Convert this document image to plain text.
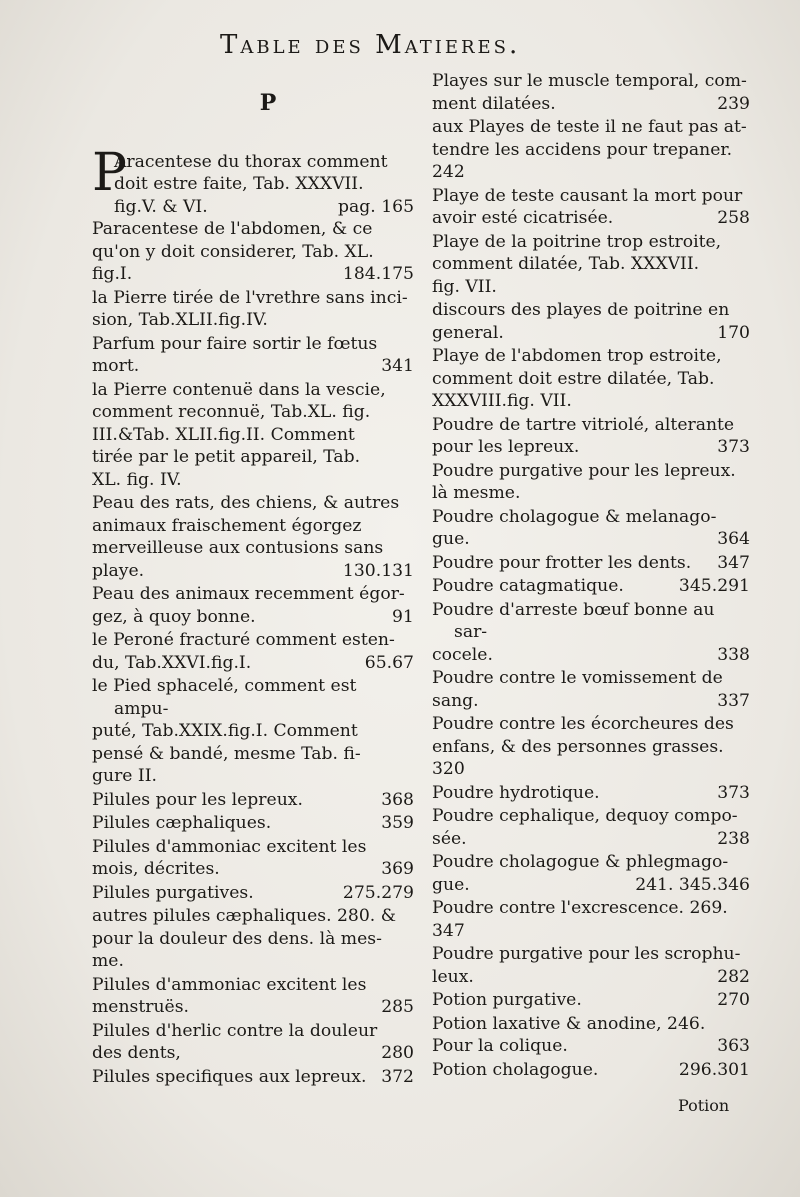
Table des Matieres.
P
P
Aracentese du thorax comment
doit estre faite, Tab. XXXVII.
fig.V. & VI.	pag. 165
Paracentese de l'abdomen, & ce
qu'on y doit considerer, Tab. XL.
fig.I.	184.175
la Pierre tirée de l'vrethre sans inci-
sion, Tab.XLII.fig.IV.
Parfum pour faire sortir le fœtus
mort.	341
la Pierre contenuë dans la vescie,
comment reconnuë, Tab.XL. fig.
III.&Tab. XLII.fig.II. Comment
tirée par le petit appareil, Tab.
XL. fig. IV.
Peau des rats, des chiens, & autres
animaux fraischement égorgez
merveilleuse aux contusions sans
playe.	130.131
Peau des animaux recemment égor-
gez, à quoy bonne.	91
le Peroné fracturé comment esten-
du, Tab.XXVI.fig.I.	65.67
le Pied sphacelé, comment est ampu-
puté, Tab.XXIX.fig.I. Comment
pensé & bandé, mesme Tab. fi-
gure II.
Pilules pour les lepreux.	368
Pilules cæphaliques.	359
Pilules d'ammoniac excitent les
mois, décrites.	369
Pilules purgatives.	275.279
autres pilules cæphaliques. 280. &
pour la douleur des dens. là mes-
me.
Pilules d'ammoniac excitent les
menstruës.	285
Pilules d'herlic contre la douleur
des dents,	280
Pilules specifiques aux lepreux. 372
Playes sur le muscle temporal, com-
ment dilatées.	239
aux Playes de teste il ne faut pas at-
tendre les accidens pour trepaner.
242
Playe de teste causant la mort pour
avoir esté cicatrisée.	258
Playe de la poitrine trop estroite,
comment dilatée, Tab. XXXVII.
fig. VII.
discours des playes de poitrine en
general.	170
Playe de l'abdomen trop estroite,
comment doit estre dilatée, Tab.
XXXVIII.fig. VII.
Poudre de tartre vitriolé, alterante
pour les lepreux.	373
Poudre purgative pour les lepreux.
là mesme.
Poudre cholagogue & melanago-
gue.	364
Poudre pour frotter les dents. 347
Poudre catagmatique.	345.291
Poudre d'arreste bœuf bonne au sar-
cocele.	338
Poudre contre le vomissement de
sang.	337
Poudre contre les écorcheures des
enfans, & des personnes grasses.
320
Poudre hydrotique.	373
Poudre cephalique, dequoy compo-
sée.	238
Poudre cholagogue & phlegmago-
gue.	241. 345.346
Poudre contre l'excrescence. 269.
347
Poudre purgative pour les scrophu-
leux.	282
Potion purgative.	270
Potion laxative & anodine, 246.
Pour la colique.	363
Potion cholagogue.	296.301
Potion
